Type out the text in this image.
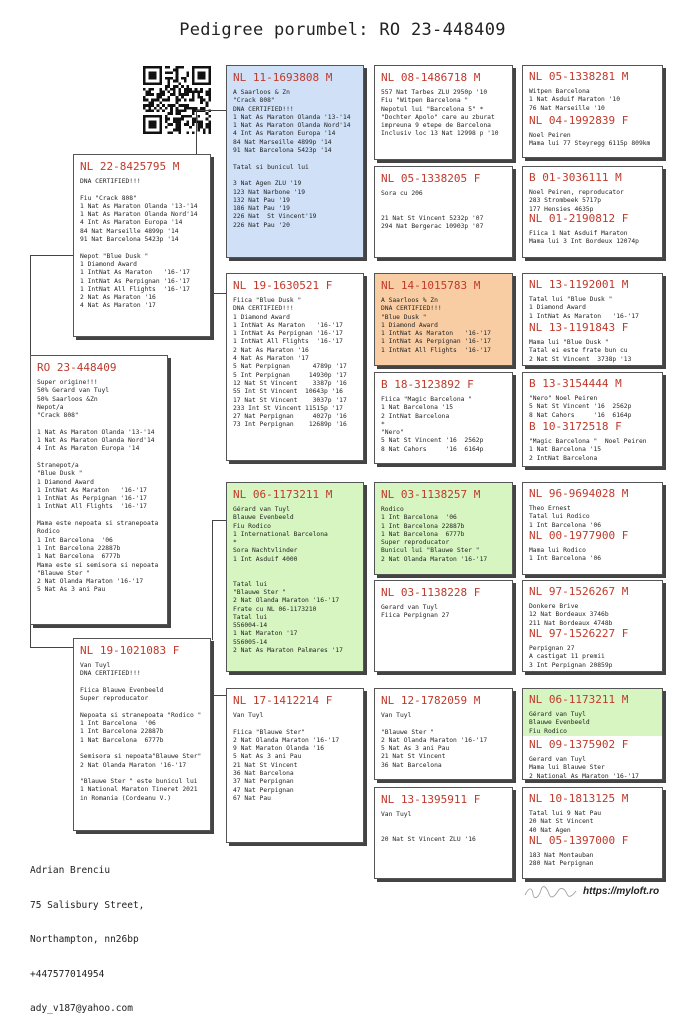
Pedigree porumbel: RO 23-448409
RO 23-448409
Super origine!!!
50% Gerard van Tuyl
50% Saarloos &Zn
Nepot/a
"Crack 808"

1 Nat As Maraton Olanda '13-'14
1 Nat As Maraton Olanda Nord'14
4 Int As Maraton Europa '14

Stranepot/a
"Blue Dusk "
1 Diamond Award
1 IntNat As Maraton   '16-'17
1 IntNat As Perpignan '16-'17
1 IntNat All Flights  '16-'17

Mama este nepoata si stranepoata
Rodico
1 Int Barcelona  '06
1 Int Barcelona 22887b
1 Nat Barcelona  6777b
Mama este si semisora si nepoata
"Blauwe Ster "
2 Nat Olanda Maraton '16-'17
5 Nat As 3 ani Pau
NL 22-8425795 M
DNA CERTIFIED!!!

Fiu "Crack 808"
1 Nat As Maraton Olanda '13-'14
1 Nat As Maraton Olanda Nord'14
4 Int As Maraton Europa '14
84 Nat Marseille 4899p '14
91 Nat Barcelona 5423p '14

Nepot "Blue Dusk "
1 Diamond Award
1 IntNat As Maraton   '16-'17
1 IntNat As Perpignan '16-'17
1 IntNat All Flights  '16-'17
2 Nat As Maraton '16
4 Nat As Maraton '17
NL 19-1021083 F
Van Tuyl
DNA CERTIFIED!!!

Fiica Blauwe Evenbeeld
Super reproducator

Nepoata si stranepoata "Rodico "
1 Int Barcelona  '06
1 Int Barcelona 22887b
1 Nat Barcelona  6777b

Semisora si nepoata"Blauwe Ster"
2 Nat Olanda Maraton '16-'17

"Blauwe Ster " este bunicul lui
1 National Maraton Tineret 2021
in Romania (Cordeanu V.)
NL 11-1693808 M
A Saarloos & Zn
"Crack 808"
DNA CERTIFIED!!!
1 Nat As Maraton Olanda '13-'14
1 Nat As Maraton Olanda Nord'14
4 Int As Maraton Europa '14
84 Nat Marseille 4899p '14
91 Nat Barcelona 5423p '14

Tatal si bunicul lui

3 Nat Agen ZLU '19
123 Nat Narbone '19
132 Nat Pau '19
186 Nat Pau '19
226 Nat  St Vincent'19
226 Nat Pau '20
NL 19-1630521 F
Fiica "Blue Dusk "
DNA CERTIFIED!!!
1 Diamond Award
1 IntNat As Maraton   '16-'17
1 IntNat As Perpignan '16-'17
1 IntNat All Flights  '16-'17
2 Nat As Maraton '16
4 Nat As Maraton '17
5 Nat Perpignan      4789p '17
5 Int Perpignan     14930p '17
12 Nat St Vincent    3387p '16
55 Int St Vincent  10643p '16
17 Nat St Vincent    3037p '17
233 Int St Vincent 11515p '17
27 Nat Perpignan     4027p '16
73 Int Perpignan    12689p '16
NL 06-1173211 M
Gérard van Tuyl
Blauwe Evenbeeld
Fiu Rodico
1 International Barcelona
*
Sora Nachtvlinder
1 Int Asduif 4000

Tatal lui
"Blauwe Ster "
2 Nat Olanda Maraton '16-'17
Frate cu NL 06-1173210
Tatal lui
556004-14
1 Nat Maraton '17
556005-14
2 Nat As Maraton Palmares '17
NL 17-1412214 F
Van Tuyl

Fiica "Blauwe Ster"
2 Nat Olanda Maraton '16-'17
9 Nat Maraton Olanda '16
5 Nat As 3 ani Pau
21 Nat St Vincent
36 Nat Barcelona
37 Nat Perpignan
47 Nat Perpignan
67 Nat Pau
NL 08-1486718 M
557 Nat Tarbes ZLU 2950p '10
Fiu "Witpen Barcelona "
Nepotul lui "Barcelona 5" *
"Dochter Apolo" care au zburat
impreuna 9 etepe de Barcelona
Inclusiv loc 13 Nat 12998 p '10
NL 05-1338205 F
Sora cu 206

21 Nat St Vincent 5232p '07
294 Nat Bergerac 10903p '07
NL 14-1015783 M
A Saarloos % Zn
DNA CERTIFIED!!!
"Blue Dusk "
1 Diamond Award
1 IntNat As Maraton   '16-'17
1 IntNat As Perpignan '16-'17
1 IntNat All Flights  '16-'17
B 18-3123892 F
Fiica "Magic Barcelona "
1 Nat Barcelona '15
2 IntNat Barcelona
*
"Nero"
5 Nat St Vincent '16  2562p
8 Nat Cahors     '16  6164p
NL 03-1138257 M
Rodico
1 Int Barcelona  '06
1 Int Barcelona 22887b
1 Nat Barcelona  6777b
Super reproducator
Bunicul lui "Blauwe Ster "
2 Nat Olanda Maraton '16-'17
NL 03-1138228 F
Gerard van Tuyl
Fiica Perpignan 27
NL 12-1782059 M
Van Tuyl

"Blauwe Ster "
2 Nat Olanda Maraton '16-'17
5 Nat As 3 ani Pau
21 Nat St Vincent
36 Nat Barcelona
NL 13-1395911 F
Van Tuyl

20 Nat St Vincent ZLU '16
NL 05-1338281 M
Witpen Barcelona
1 Nat Asduif Maraton '10
76 Nat Marseille '10
NL 04-1992839 F
Noel Peiren
Mama lui 77 Steyregg 6115p 809km
B 01-3036111 M
Noel Peiren, reproducator
283 Strombeek 5717p
177 Hensies 4635p
NL 01-2190812 F
Fiica 1 Nat Asduif Maraton
Mama lui 3 Int Bordeux 12074p
NL 13-1192001 M
Tatal lui "Blue Dusk "
1 Diamond Award
1 IntNat As Maraton   '16-'17
NL 13-1191843 F
Mama lui "Blue Dusk "
Tatal ei este frate bun cu
2 Nat St Vincent  3738p '13
B 13-3154444 M
"Nero" Noel Peiren
5 Nat St Vincent '16  2562p
8 Nat Cahors     '16  6164p
B 10-3172518 F
"Magic Barcelona "  Noel Peiren
1 Nat Barcelona '15
2 IntNat Barcelona
NL 96-9694028 M
Theo Ernest
Tatal lui Rodico
1 Int Barcelona '06
NL 00-1977900 F
Mama lui Rodico
1 Int Barcelona '06
NL 97-1526267 M
Donkere Brive
12 Nat Bordeaux 3746b
211 Nat Bordeaux 4748b
NL 97-1526227 F
Perpignan 27
A castigat 11 premii
3 Int Perpignan 20859p
NL 06-1173211 M
Gérard van Tuyl
Blauwe Evenbeeld
Fiu Rodico
NL 09-1375902 F
Gerard van Tuyl
Mama lui Blauwe Ster
2 National As Maraton '16-'17
NL 10-1813125 M
Tatal lui 9 Nat Pau
20 Nat St Vincent
40 Nat Agen
NL 05-1397000 F
183 Nat Montauban
280 Nat Perpignan

Adrian Brenciu

75 Salisbury Street,

Northampton, nn26bp

+447577014954

ady_v187@yahoo.com

https://myloft.ro
